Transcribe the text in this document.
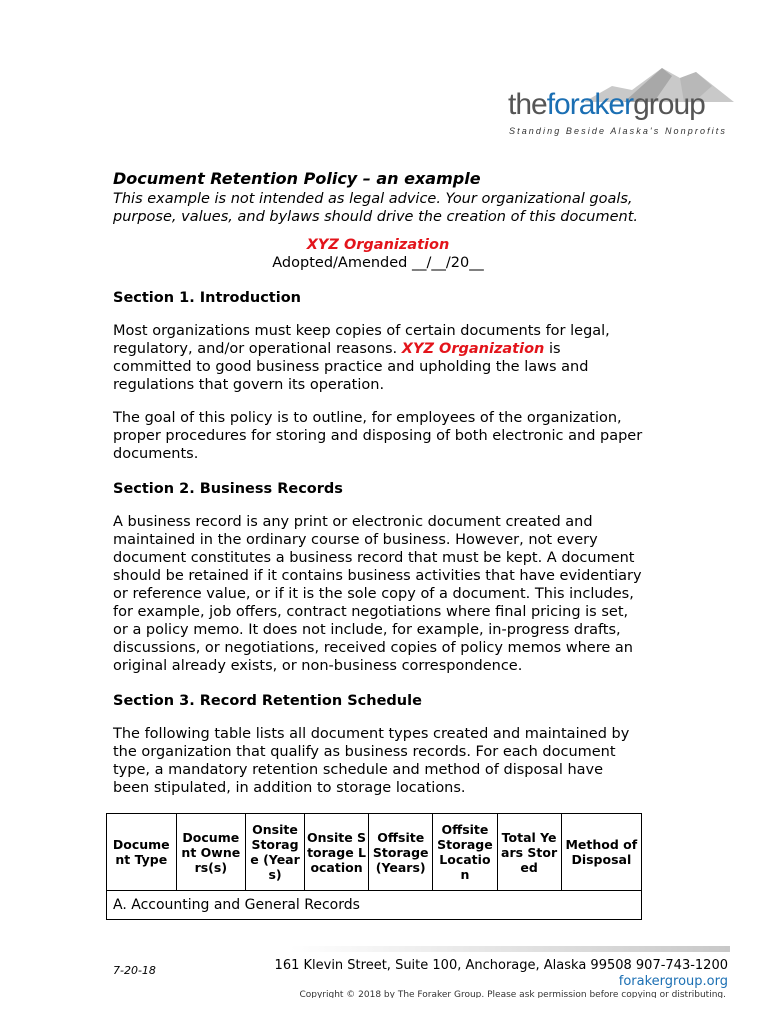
theforakergroup
Standing Beside Alaska's Nonprofits

Document Retention Policy – an example

This example is not intended as legal advice. Your organizational goals, purpose, values, and bylaws should drive the creation of this document.

XYZ Organization

Adopted/Amended __/__/20__

Section 1. Introduction

Most organizations must keep copies of certain documents for legal, regulatory, and/or operational reasons. XYZ Organization is committed to good business practice and upholding the laws and regulations that govern its operation.

The goal of this policy is to outline, for employees of the organization, proper procedures for storing and disposing of both electronic and paper documents.

Section 2. Business Records

A business record is any print or electronic document created and maintained in the ordinary course of business. However, not every document constitutes a business record that must be kept. A document should be retained if it contains business activities that have evidentiary or reference value, or if it is the sole copy of a document. This includes, for example, job offers, contract negotiations where final pricing is set, or a policy memo. It does not include, for example, in-progress drafts, discussions, or negotiations, received copies of policy memos where an original already exists, or non-business correspondence.

Section 3. Record Retention Schedule

The following table lists all document types created and maintained by the organization that qualify as business records. For each document type, a mandatory retention schedule and method of disposal have been stipulated, in addition to storage locations.

Document Type	Document Owners(s)	Onsite Storage (Years)	Onsite Storage Location	Offsite Storage (Years)	Offsite Storage Location	Total Years Stored	Method of Disposal
A. Accounting and General Records
7-20-18	161 Klevin Street, Suite 100, Anchorage, Alaska 99508 907-743-1200
forakergroup.org
Copyright © 2018 by The Foraker Group. Please ask permission before copying or distributing.
